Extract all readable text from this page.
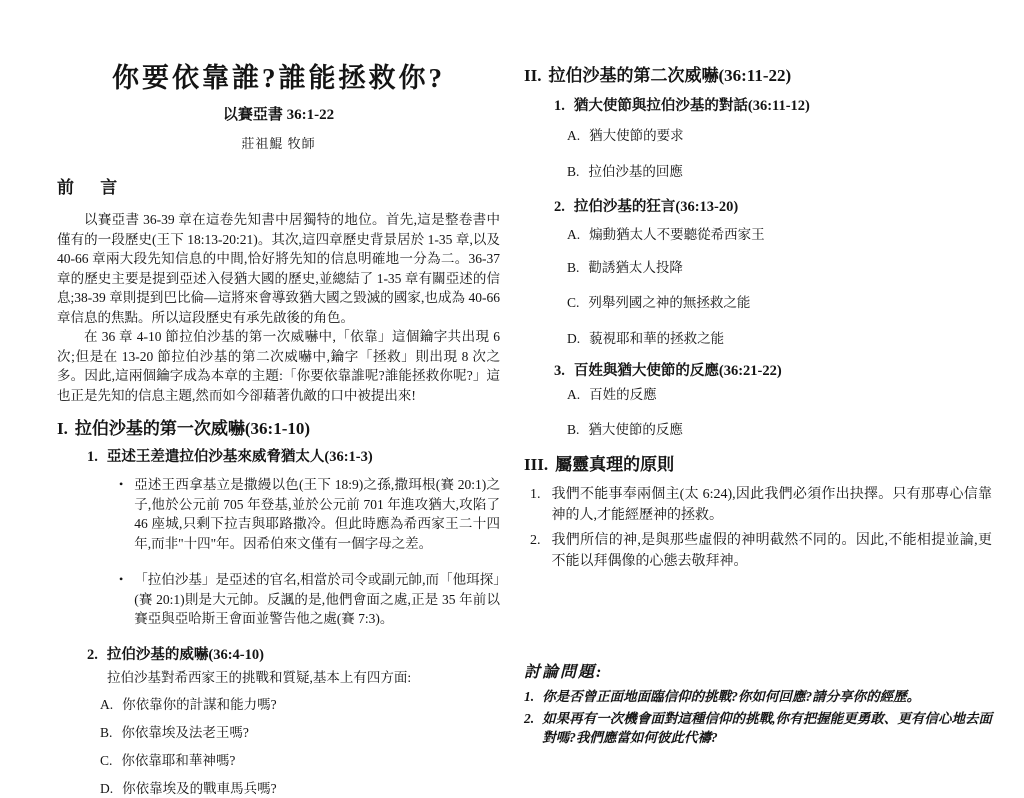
你要依靠誰?誰能拯救你?
以賽亞書 36:1-22
莊祖鯤 牧師
前 言

以賽亞書 36-39 章在這卷先知書中居獨特的地位。首先,這是整卷書中僅有的一段歷史(王下 18:13-20:21)。其次,這四章歷史背景居於 1-35 章,以及 40-66 章兩大段先知信息的中間,恰好將先知的信息明確地一分為二。36-37 章的歷史主要是提到亞述入侵猶大國的歷史,並總結了 1-35 章有關亞述的信息;38-39 章則提到巴比倫—這將來會導致猶大國之毀滅的國家,也成為 40-66 章信息的焦點。所以這段歷史有承先啟後的角色。

在 36 章 4-10 節拉伯沙基的第一次威嚇中,「依靠」這個鑰字共出現 6 次;但是在 13-20 節拉伯沙基的第二次威嚇中,鑰字「拯救」則出現 8 次之多。因此,這兩個鑰字成為本章的主題:「你要依靠誰呢?誰能拯救你呢?」這也正是先知的信息主題,然而如今卻藉著仇敵的口中被提出來!

I. 拉伯沙基的第一次威嚇(36:1-10)
1. 亞述王差遣拉伯沙基來威脅猶太人(36:1-3)
• 亞述王西拿基立是撒縵以色(王下 18:9)之孫,撒珥根(賽 20:1)之子,他於公元前 705 年登基,並於公元前 701 年進攻猶大,攻陷了 46 座城,只剩下拉吉與耶路撒冷。但此時應為希西家王二十四年,而非"十四"年。因希伯來文僅有一個字母之差。
• 「拉伯沙基」是亞述的官名,相當於司令或副元帥,而「他珥探」(賽 20:1)則是大元帥。反諷的是,他們會面之處,正是 35 年前以賽亞與亞哈斯王會面並警告他之處(賽 7:3)。
2. 拉伯沙基的威嚇(36:4-10)
拉伯沙基對希西家王的挑戰和質疑,基本上有四方面:
A. 你依靠你的計謀和能力嗎?
B. 你依靠埃及法老王嗎?
C. 你依靠耶和華神嗎?
D. 你依靠埃及的戰車馬兵嗎?
II. 拉伯沙基的第二次威嚇(36:11-22)
1. 猶大使節與拉伯沙基的對話(36:11-12)
A. 猶大使節的要求
B. 拉伯沙基的回應
2. 拉伯沙基的狂言(36:13-20)
A. 煽動猶太人不要聽從希西家王
B. 勸誘猶太人投降
C. 列舉列國之神的無拯救之能
D. 藐視耶和華的拯救之能
3. 百姓與猶大使節的反應(36:21-22)
A. 百姓的反應
B. 猶大使節的反應
III. 屬靈真理的原則
1. 我們不能事奉兩個主(太 6:24),因此我們必須作出抉擇。只有那專心信靠神的人,才能經歷神的拯救。
2. 我們所信的神,是與那些虛假的神明截然不同的。因此,不能相提並論,更不能以拜偶像的心態去敬拜神。
討論問題:
1. 你是否曾正面地面臨信仰的挑戰?你如何回應?請分享你的經歷。
2. 如果再有一次機會面對這種信仰的挑戰,你有把握能更勇敢、更有信心地去面對嗎?我們應當如何彼此代禱?
